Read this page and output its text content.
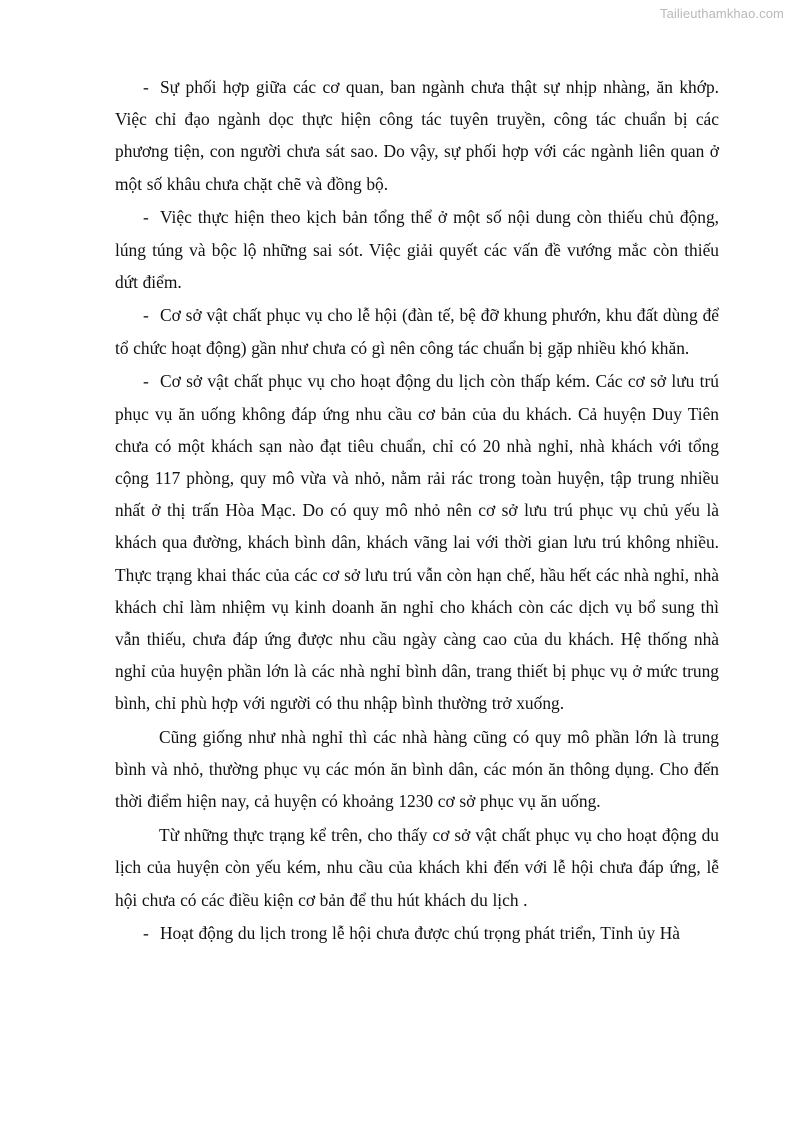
Tailieuthamkhao.com

- Sự phối hợp giữa các cơ quan, ban ngành chưa thật sự nhịp nhàng, ăn khớp. Việc chỉ đạo ngành dọc thực hiện công tác tuyên truyền, công tác chuẩn bị các phương tiện, con người chưa sát sao. Do vậy, sự phối hợp với các ngành liên quan ở một số khâu chưa chặt chẽ và đồng bộ.

- Việc thực hiện theo kịch bản tổng thể ở một số nội dung còn thiếu chủ động, lúng túng và bộc lộ những sai sót. Việc giải quyết các vấn đề vướng mắc còn thiếu dứt điểm.

- Cơ sở vật chất phục vụ cho lễ hội (đàn tế, bệ đỡ khung phướn, khu đất dùng để tổ chức hoạt động) gần như chưa có gì nên công tác chuẩn bị gặp nhiều khó khăn.

- Cơ sở vật chất phục vụ cho hoạt động du lịch còn thấp kém. Các cơ sở lưu trú phục vụ ăn uống không đáp ứng nhu cầu cơ bản của du khách. Cả huyện Duy Tiên chưa có một khách sạn nào đạt tiêu chuẩn, chỉ có 20 nhà nghỉ, nhà khách với tổng cộng 117 phòng, quy mô vừa và nhỏ, nằm rải rác trong toàn huyện, tập trung nhiều nhất ở thị trấn Hòa Mạc. Do có quy mô nhỏ nên cơ sở lưu trú phục vụ chủ yếu là khách qua đường, khách bình dân, khách vãng lai với thời gian lưu trú không nhiều. Thực trạng khai thác của các cơ sở lưu trú vẫn còn hạn chế, hầu hết các nhà nghỉ, nhà khách chỉ làm nhiệm vụ kinh doanh ăn nghỉ cho khách còn các dịch vụ bổ sung thì vẫn thiếu, chưa đáp ứng được nhu cầu ngày càng cao của du khách. Hệ thống nhà nghỉ của huyện phần lớn là các nhà nghỉ bình dân, trang thiết bị phục vụ ở mức trung bình, chỉ phù hợp với người có thu nhập bình thường trở xuống.

Cũng giống như nhà nghỉ thì các nhà hàng cũng có quy mô phần lớn là trung bình và nhỏ, thường phục vụ các món ăn bình dân, các món ăn thông dụng. Cho đến thời điểm hiện nay, cả huyện có khoảng 1230 cơ sở phục vụ ăn uống.

Từ những thực trạng kể trên, cho thấy cơ sở vật chất phục vụ cho hoạt động du lịch của huyện còn yếu kém, nhu cầu của khách khi đến với lễ hội chưa đáp ứng, lễ hội chưa có các điều kiện cơ bản để thu hút khách du lịch .

- Hoạt động du lịch trong lễ hội chưa được chú trọng phát triển, Tỉnh ủy Hà
